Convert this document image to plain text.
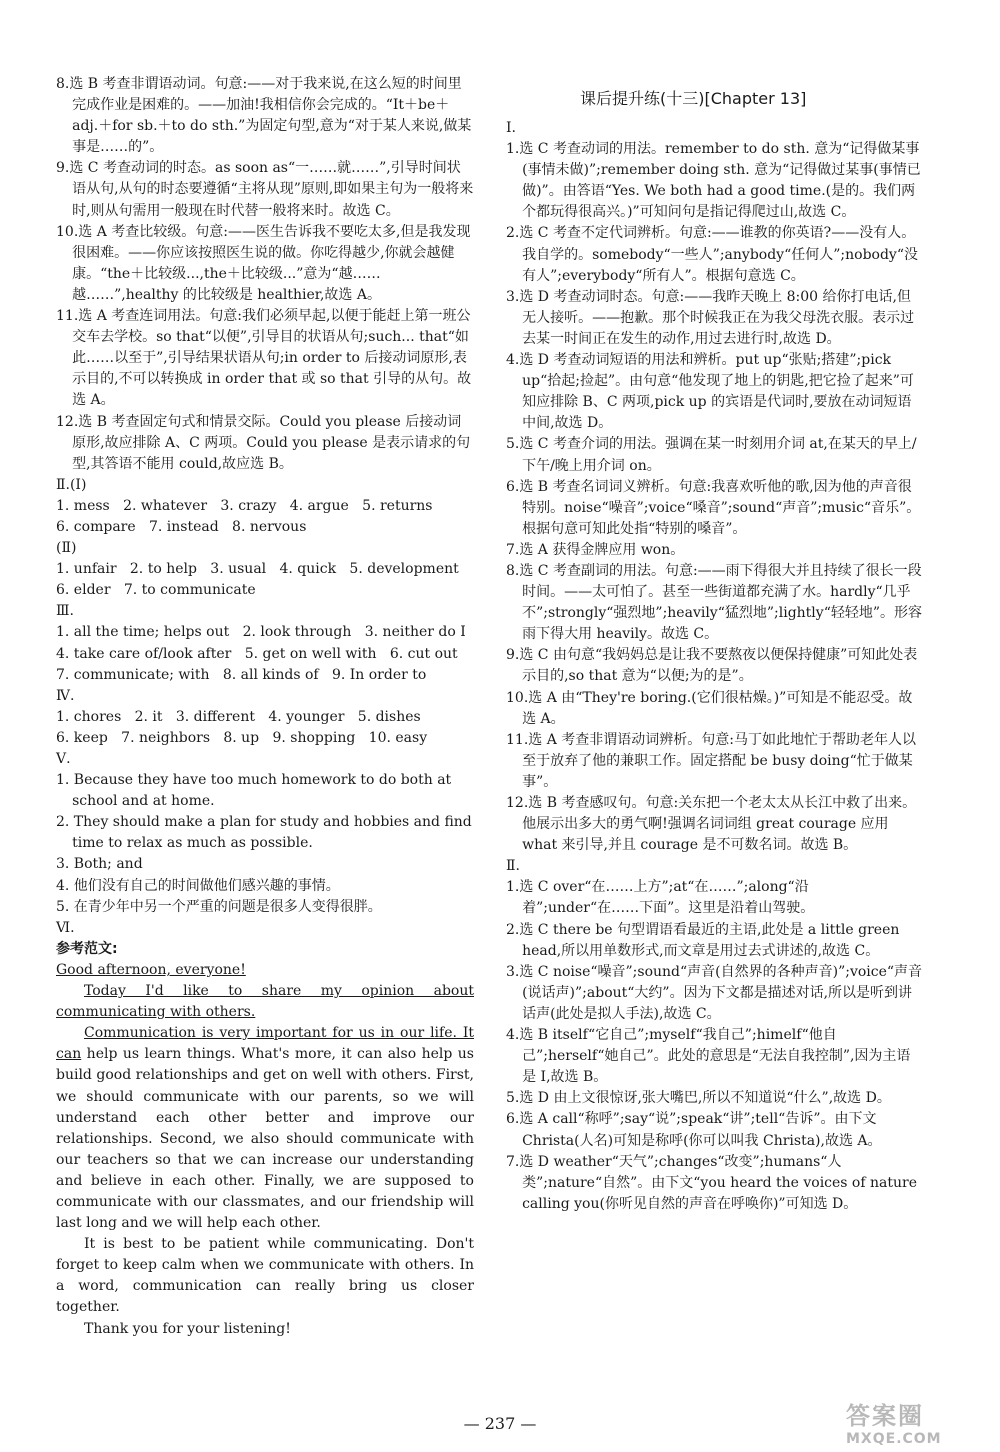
8.选 B 考查非谓语动词。句意:——对于我来说,在这么短的时间里完成作业是困难的。——加油!我相信你会完成的。“It＋be＋adj.＋for sb.＋to do sth.”为固定句型,意为“对于某人来说,做某事是……的”。

9.选 C 考查动词的时态。as soon as“一……就……”,引导时间状语从句,从句的时态要遵循“主将从现”原则,即如果主句为一般将来时,则从句需用一般现在时代替一般将来时。故选 C。

10.选 A 考查比较级。句意:——医生告诉我不要吃太多,但是我发现很困难。——你应该按照医生说的做。你吃得越少,你就会越健康。“the＋比较级...,the＋比较级...”意为“越……越……”,healthy 的比较级是 healthier,故选 A。

11.选 A 考查连词用法。句意:我们必须早起,以便于能赶上第一班公交车去学校。so that“以便”,引导目的状语从句;such... that“如此……以至于”,引导结果状语从句;in order to 后接动词原形,表示目的,不可以转换成 in order that 或 so that 引导的从句。故选 A。

12.选 B 考查固定句式和情景交际。Could you please 后接动词原形,故应排除 A、C 两项。Could you please 是表示请求的句型,其答语不能用 could,故应选 B。

Ⅱ.(Ⅰ)

1. mess   2. whatever   3. crazy   4. argue   5. returns

6. compare   7. instead   8. nervous

(Ⅱ)

1. unfair   2. to help   3. usual   4. quick   5. development

6. elder   7. to communicate

Ⅲ.

1. all the time; helps out   2. look through   3. neither do I

4. take care of/look after   5. get on well with   6. cut out

7. communicate; with   8. all kinds of   9. In order to

Ⅳ.

1. chores   2. it   3. different   4. younger   5. dishes

6. keep   7. neighbors   8. up   9. shopping   10. easy

Ⅴ.

1. Because they have too much homework to do both at school and at home.

2. They should make a plan for study and hobbies and find time to relax as much as possible.

3. Both; and

4. 他们没有自己的时间做他们感兴趣的事情。

5. 在青少年中另一个严重的问题是很多人变得很胖。

Ⅵ.

参考范文:

Good afternoon, everyone!

Today I'd like to share my opinion about communicating with others.

Communication is very important for us in our life. It can help us learn things. What's more, it can also help us build good relationships and get on well with others. First, we should communicate with our parents, so we will understand each other better and improve our relationships. Second, we also should communicate with our teachers so that we can increase our understanding and believe in each other. Finally, we are supposed to communicate with our classmates, and our friendship will last long and we will help each other.

It is best to be patient while communicating. Don't forget to keep calm when we communicate with others. In a word, communication can really bring us closer together.

Thank you for your listening!

课后提升练(十三)[Chapter 13]

Ⅰ.

1.选 C 考查动词的用法。remember to do sth. 意为“记得做某事(事情未做)”;remember doing sth. 意为“记得做过某事(事情已做)”。由答语“Yes. We both had a good time.(是的。我们两个都玩得很高兴。)”可知问句是指记得爬过山,故选 C。

2.选 C 考查不定代词辨析。句意:——谁教的你英语?——没有人。我自学的。somebody“一些人”;anybody“任何人”;nobody“没有人”;everybody“所有人”。根据句意选 C。

3.选 D 考查动词时态。句意:——我昨天晚上 8:00 给你打电话,但无人接听。——抱歉。那个时候我正在为我父母洗衣服。表示过去某一时间正在发生的动作,用过去进行时,故选 D。

4.选 D 考查动词短语的用法和辨析。put up“张贴;搭建”;pick up“拾起;捡起”。由句意“他发现了地上的钥匙,把它捡了起来”可知应排除 B、C 两项,pick up 的宾语是代词时,要放在动词短语中间,故选 D。

5.选 C 考查介词的用法。强调在某一时刻用介词 at,在某天的早上/下午/晚上用介词 on。

6.选 B 考查名词词义辨析。句意:我喜欢听他的歌,因为他的声音很特别。noise“噪音”;voice“嗓音”;sound“声音”;music“音乐”。根据句意可知此处指“特别的嗓音”。

7.选 A 获得金牌应用 won。

8.选 C 考查副词的用法。句意:——雨下得很大并且持续了很长一段时间。——太可怕了。甚至一些街道都充满了水。hardly“几乎不”;strongly“强烈地”;heavily“猛烈地”;lightly“轻轻地”。形容雨下得大用 heavily。故选 C。

9.选 C 由句意“我妈妈总是让我不要熬夜以便保持健康”可知此处表示目的,so that 意为“以便;为的是”。

10.选 A 由“They're boring.(它们很枯燥。)”可知是不能忍受。故选 A。

11.选 A 考查非谓语动词辨析。句意:马丁如此地忙于帮助老年人以至于放弃了他的兼职工作。固定搭配 be busy doing“忙于做某事”。

12.选 B 考查感叹句。句意:关东把一个老太太从长江中救了出来。他展示出多大的勇气啊!强调名词词组 great courage 应用 what 来引导,并且 courage 是不可数名词。故选 B。

Ⅱ.

1.选 C over“在……上方”;at“在……”;along“沿着”;under“在……下面”。这里是沿着山驾驶。

2.选 C there be 句型谓语看最近的主语,此处是 a little green head,所以用单数形式,而文章是用过去式讲述的,故选 C。

3.选 C noise“噪音”;sound“声音(自然界的各种声音)”;voice“声音(说话声)”;about“大约”。因为下文都是描述对话,所以是听到讲话声(此处是拟人手法),故选 C。

4.选 B itself“它自己”;myself“我自己”;himelf“他自己”;herself“她自己”。此处的意思是“无法自我控制”,因为主语是 I,故选 B。

5.选 D 由上文很惊讶,张大嘴巴,所以不知道说“什么”,故选 D。

6.选 A call“称呼”;say“说”;speak“讲”;tell“告诉”。由下文 Christa(人名)可知是称呼(你可以叫我 Christa),故选 A。

7.选 D weather“天气”;changes“改变”;humans“人类”;nature“自然”。由下文“you heard the voices of nature calling you(你听见自然的声音在呼唤你)”可知选 D。

— 237 —	答案圈
MXQE.COM
